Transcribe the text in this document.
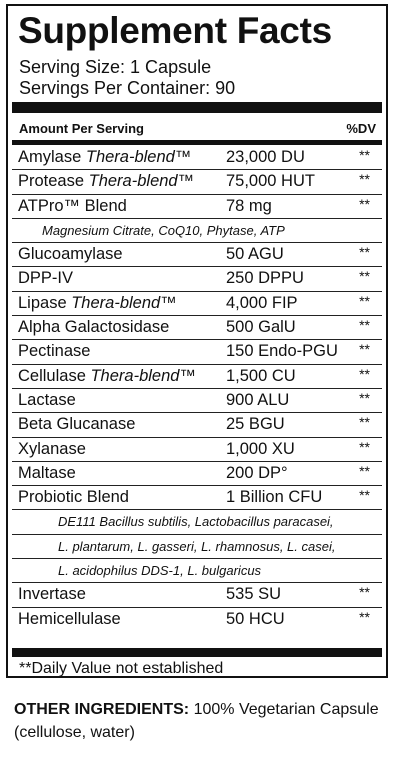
Supplement Facts
Serving Size: 1 Capsule
Servings Per Container: 90
Amount Per Serving	%DV
Amylase Thera-blend™ 23,000 DU	**
Protease Thera-blend™ 75,000 HUT	**
ATPro™ Blend	78 mg	**
Magnesium Citrate, CoQ10, Phytase, ATP
Glucoamylase	50 AGU	**
DPP-IV	250 DPPU	**
Lipase Thera-blend™	4,000 FIP	**
Alpha Galactosidase	500 GalU	**
Pectinase	150 Endo-PGU **
Cellulase Thera-blend™ 1,500 CU	**
Lactase	900 ALU	**
Beta Glucanase	25 BGU	**
Xylanase	1,000 XU	**
Maltase	200 DP°	**
Probiotic Blend	1 Billion CFU	**
DE111 Bacillus subtilis, Lactobacillus paracasei,
L. plantarum, L. gasseri, L. rhamnosus, L. casei,
L. acidophilus DDS-1, L. bulgaricus
Invertase	535 SU	**
Hemicellulase	50 HCU	**
**Daily Value not established
OTHER INGREDIENTS: 100% Vegetarian Capsule (cellulose, water)
